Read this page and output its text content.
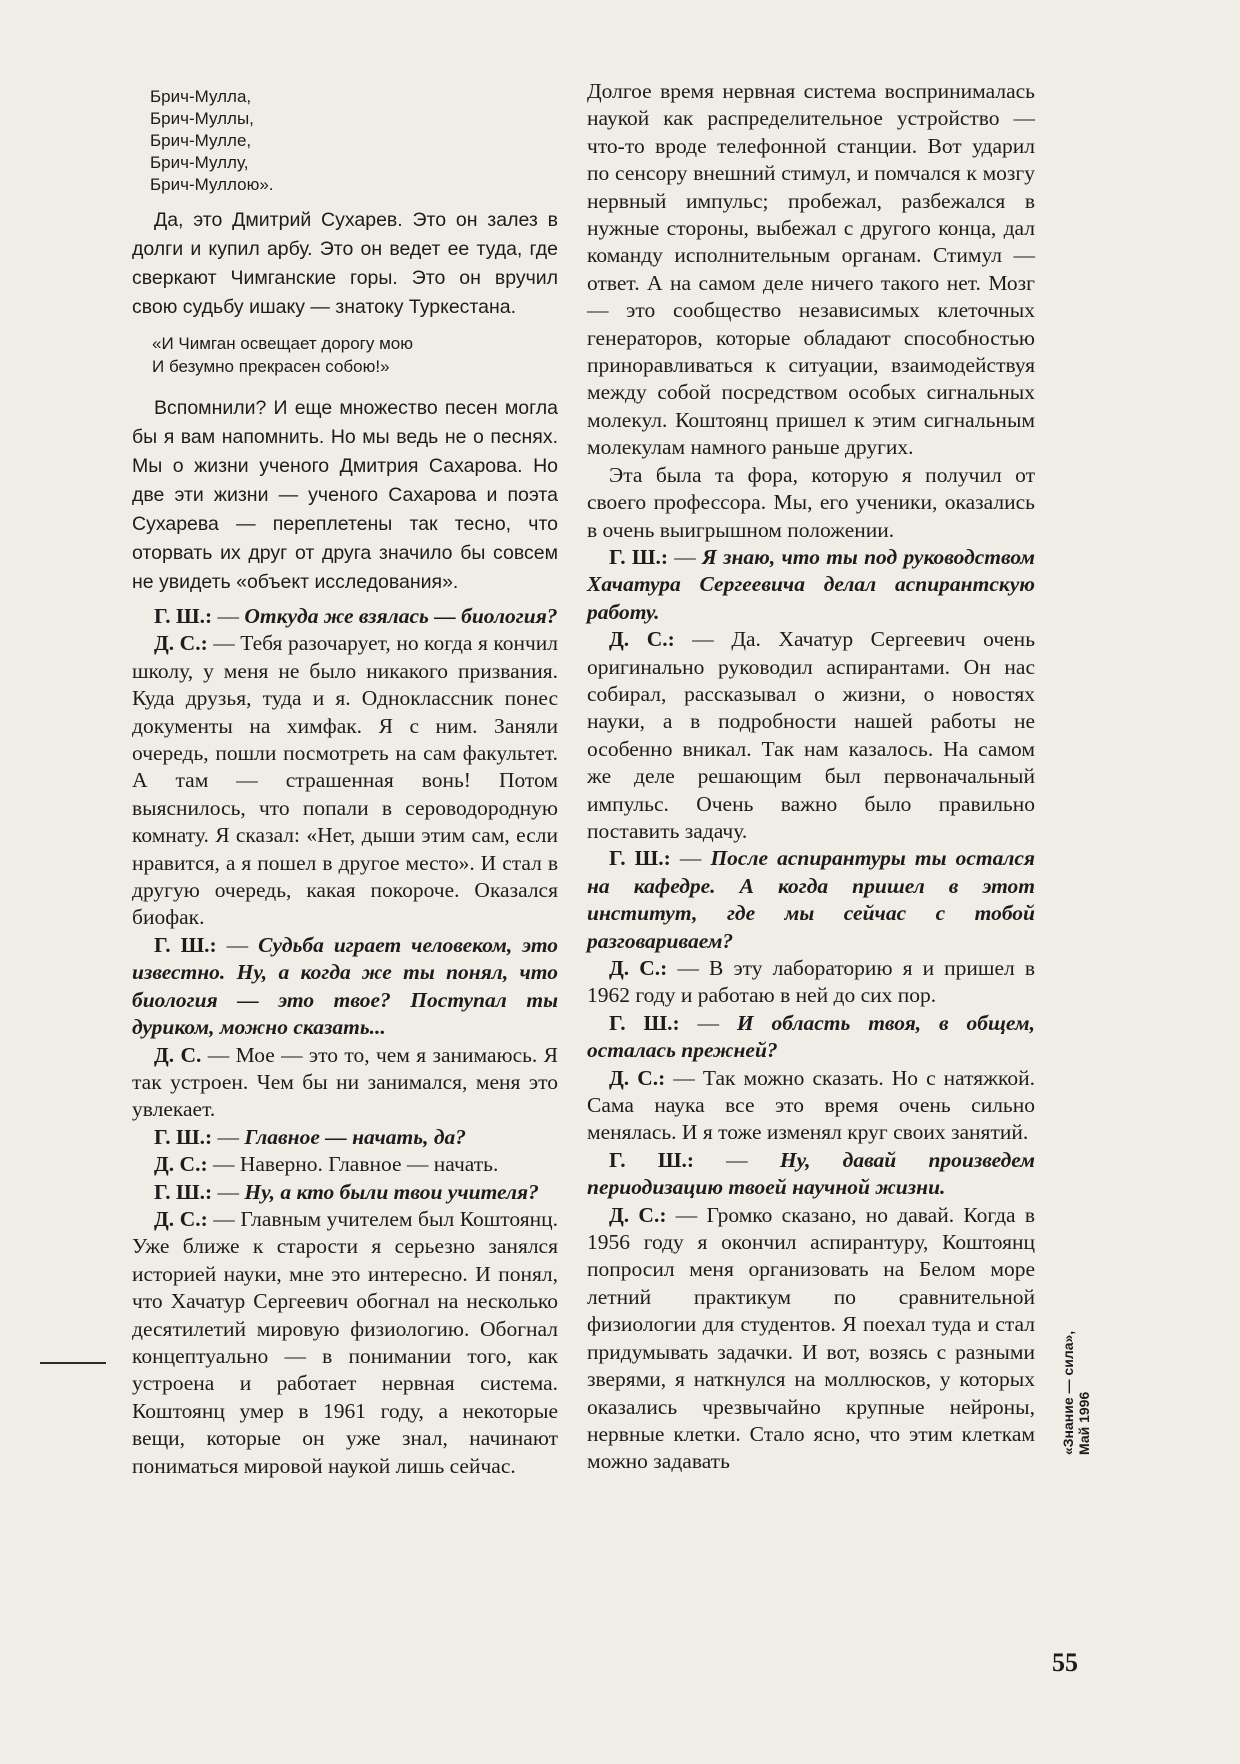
Брич-Мулла,
Брич-Муллы,
Брич-Мулле,
Брич-Муллу,
Брич-Муллою».

Да, это Дмитрий Сухарев. Это он залез в долги и купил арбу. Это он ведет ее туда, где сверкают Чимганские горы. Это он вручил свою судьбу ишаку — знатоку Туркестана.

«И Чимган освещает дорогу мою
И безумно прекрасен собою!»

Вспомнили? И еще множество песен могла бы я вам напомнить. Но мы ведь не о песнях. Мы о жизни ученого Дмитрия Сахарова. Но две эти жизни — ученого Сахарова и поэта Сухарева — переплетены так тесно, что оторвать их друг от друга значило бы совсем не увидеть «объект исследования».

Г. Ш.: — Откуда же взялась — биология?

Д. С.: — Тебя разочарует, но когда я кончил школу, у меня не было никакого призвания. Куда друзья, туда и я. Одноклассник понес документы на химфак. Я с ним. Заняли очередь, пошли посмотреть на сам факультет. А там — страшенная вонь! Потом выяснилось, что попали в сероводородную комнату. Я сказал: «Нет, дыши этим сам, если нравится, а я пошел в другое место». И стал в другую очередь, какая покороче. Оказался биофак.

Г. Ш.: — Судьба играет человеком, это известно. Ну, а когда же ты понял, что биология — это твое? Поступал ты дуриком, можно сказать...

Д. С. — Мое — это то, чем я занимаюсь. Я так устроен. Чем бы ни занимался, меня это увлекает.

Г. Ш.: — Главное — начать, да?

Д. С.: — Наверно. Главное — начать.

Г. Ш.: — Ну, а кто были твои учителя?

Д. С.: — Главным учителем был Коштоянц. Уже ближе к старости я серьезно занялся историей науки, мне это интересно. И понял, что Хачатур Сергеевич обогнал на несколько десятилетий мировую физиологию. Обогнал концептуально — в понимании того, как устроена и работает нервная система. Коштоянц умер в 1961 году, а некоторые вещи, которые он уже знал, начинают пониматься мировой наукой лишь сейчас.

Долгое время нервная система воспринималась наукой как распределительное устройство — что-то вроде телефонной станции. Вот ударил по сенсору внешний стимул, и помчался к мозгу нервный импульс; пробежал, разбежался в нужные стороны, выбежал с другого конца, дал команду исполнительным органам. Стимул — ответ. А на самом деле ничего такого нет. Мозг — это сообщество независимых клеточных генераторов, которые обладают способностью приноравливаться к ситуации, взаимодействуя между собой посредством особых сигнальных молекул. Коштоянц пришел к этим сигнальным молекулам намного раньше других.

Эта была та фора, которую я получил от своего профессора. Мы, его ученики, оказались в очень выигрышном положении.

Г. Ш.: — Я знаю, что ты под руководством Хачатура Сергеевича делал аспирантскую работу.

Д. С.: — Да. Хачатур Сергеевич очень оригинально руководил аспирантами. Он нас собирал, рассказывал о жизни, о новостях науки, а в подробности нашей работы не особенно вникал. Так нам казалось. На самом же деле решающим был первоначальный импульс. Очень важно было правильно поставить задачу.

Г. Ш.: — После аспирантуры ты остался на кафедре. А когда пришел в этот институт, где мы сейчас с тобой разговариваем?

Д. С.: — В эту лабораторию я и пришел в 1962 году и работаю в ней до сих пор.

Г. Ш.: — И область твоя, в общем, осталась прежней?

Д. С.: — Так можно сказать. Но с натяжкой. Сама наука все это время очень сильно менялась. И я тоже изменял круг своих занятий.

Г. Ш.: — Ну, давай произведем периодизацию твоей научной жизни.

Д. С.: — Громко сказано, но давай. Когда в 1956 году я окончил аспирантуру, Коштоянц попросил меня организовать на Белом море летний практикум по сравнительной физиологии для студентов. Я поехал туда и стал придумывать задачки. И вот, возясь с разными зверями, я наткнулся на моллюсков, у которых оказались чрезвычайно крупные нейроны, нервные клетки. Стало ясно, что этим клеткам можно задавать

«Знание — сила», Май 1996
55
